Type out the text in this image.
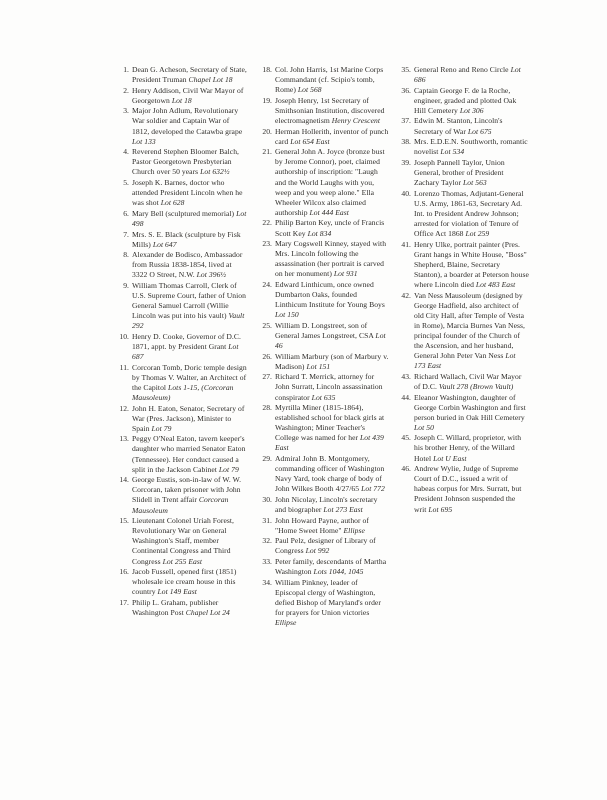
1. Dean G. Acheson, Secretary of State, President Truman Chapel Lot 18
2. Henry Addison, Civil War Mayor of Georgetown Lot 18
3. Major John Adlum, Revolutionary War soldier and Captain War of 1812, developed the Catawba grape Lot 133
4. Reverend Stephen Bloomer Balch, Pastor Georgetown Presbyterian Church over 50 years Lot 632½
5. Joseph K. Barnes, doctor who attended President Lincoln when he was shot Lot 628
6. Mary Bell (sculptured memorial) Lot 498
7. Mrs. S. E. Black (sculpture by Fisk Mills) Lot 647
8. Alexander de Bodisco, Ambassador from Russia 1838-1854, lived at 3322 O Street, N.W. Lot 396½
9. William Thomas Carroll, Clerk of U.S. Supreme Court, father of Union General Samuel Carroll (Willie Lincoln was put into his vault) Vault 292
10. Henry D. Cooke, Governor of D.C. 1871, appt. by President Grant Lot 687
11. Corcoran Tomb, Doric temple design by Thomas V. Walter, an Architect of the Capitol Lots 1-15, (Corcoran Mausoleum)
12. John H. Eaton, Senator, Secretary of War (Pres. Jackson), Minister to Spain Lot 79
13. Peggy O'Neal Eaton, tavern keeper's daughter who married Senator Eaton (Tennessee). Her conduct caused a split in the Jackson Cabinet Lot 79
14. George Eustis, son-in-law of W. W. Corcoran, taken prisoner with John Slidell in Trent affair Corcoran Mausoleum
15. Lieutenant Colonel Uriah Forest, Revolutionary War on General Washington's Staff, member Continental Congress and Third Congress Lot 255 East
16. Jacob Fussell, opened first (1851) wholesale ice cream house in this country Lot 149 East
17. Philip L. Graham, publisher Washington Post Chapel Lot 24
18. Col. John Harris, 1st Marine Corps Commandant (cf. Scipio's tomb, Rome) Lot 568
19. Joseph Henry, 1st Secretary of Smithsonian Institution, discovered electromagnetism Henry Crescent
20. Herman Hollerith, inventor of punch card Lot 654 East
21. General John A. Joyce (bronze bust by Jerome Connor), poet, claimed authorship of inscription: "Laugh and the World Laughs with you, weep and you weep alone." Ella Wheeler Wilcox also claimed authorship Lot 444 East
22. Philip Barton Key, uncle of Francis Scott Key Lot 834
23. Mary Cogswell Kinney, stayed with Mrs. Lincoln following the assassination (her portrait is carved on her monument) Lot 931
24. Edward Linthicum, once owned Dumbarton Oaks, founded Linthicum Institute for Young Boys Lot 150
25. William D. Longstreet, son of General James Longstreet, CSA Lot 46
26. William Marbury (son of Marbury v. Madison) Lot 151
27. Richard T. Merrick, attorney for John Surratt, Lincoln assassination conspirator Lot 635
28. Myrtilla Miner (1815-1864), established school for black girls at Washington; Miner Teacher's College was named for her Lot 439 East
29. Admiral John B. Montgomery, commanding officer of Washington Navy Yard, took charge of body of John Wilkes Booth 4/27/65 Lot 772
30. John Nicolay, Lincoln's secretary and biographer Lot 273 East
31. John Howard Payne, author of "Home Sweet Home" Ellipse
32. Paul Pelz, designer of Library of Congress Lot 992
33. Peter family, descendants of Martha Washington Lots 1044, 1045
34. William Pinkney, leader of Episcopal clergy of Washington, defied Bishop of Maryland's order for prayers for Union victories Ellipse
35. General Reno and Reno Circle Lot 686
36. Captain George F. de la Roche, engineer, graded and plotted Oak Hill Cemetery Lot 306
37. Edwin M. Stanton, Lincoln's Secretary of War Lot 675
38. Mrs. E.D.E.N. Southworth, romantic novelist Lot 534
39. Joseph Pannell Taylor, Union General, brother of President Zachary Taylor Lot 563
40. Lorenzo Thomas, Adjutant-General U.S. Army, 1861-63, Secretary Ad. Int. to President Andrew Johnson; arrested for violation of Tenure of Office Act 1868 Lot 259
41. Henry Ulke, portrait painter (Pres. Grant hangs in White House, "Boss" Shepherd, Blaine, Secretary Stanton), a boarder at Peterson house where Lincoln died Lot 483 East
42. Van Ness Mausoleum (designed by George Hadfield, also architect of old City Hall, after Temple of Vesta in Rome), Marcia Burnes Van Ness, principal founder of the Church of the Ascension, and her husband, General John Peter Van Ness Lot 173 East
43. Richard Wallach, Civil War Mayor of D.C. Vault 278 (Brown Vault)
44. Eleanor Washington, daughter of George Corbin Washington and first person buried in Oak Hill Cemetery Lot 50
45. Joseph C. Willard, proprietor, with his brother Henry, of the Willard Hotel Lot U East
46. Andrew Wylie, Judge of Supreme Court of D.C., issued a writ of habeas corpus for Mrs. Surratt, but President Johnson suspended the writ Lot 695
